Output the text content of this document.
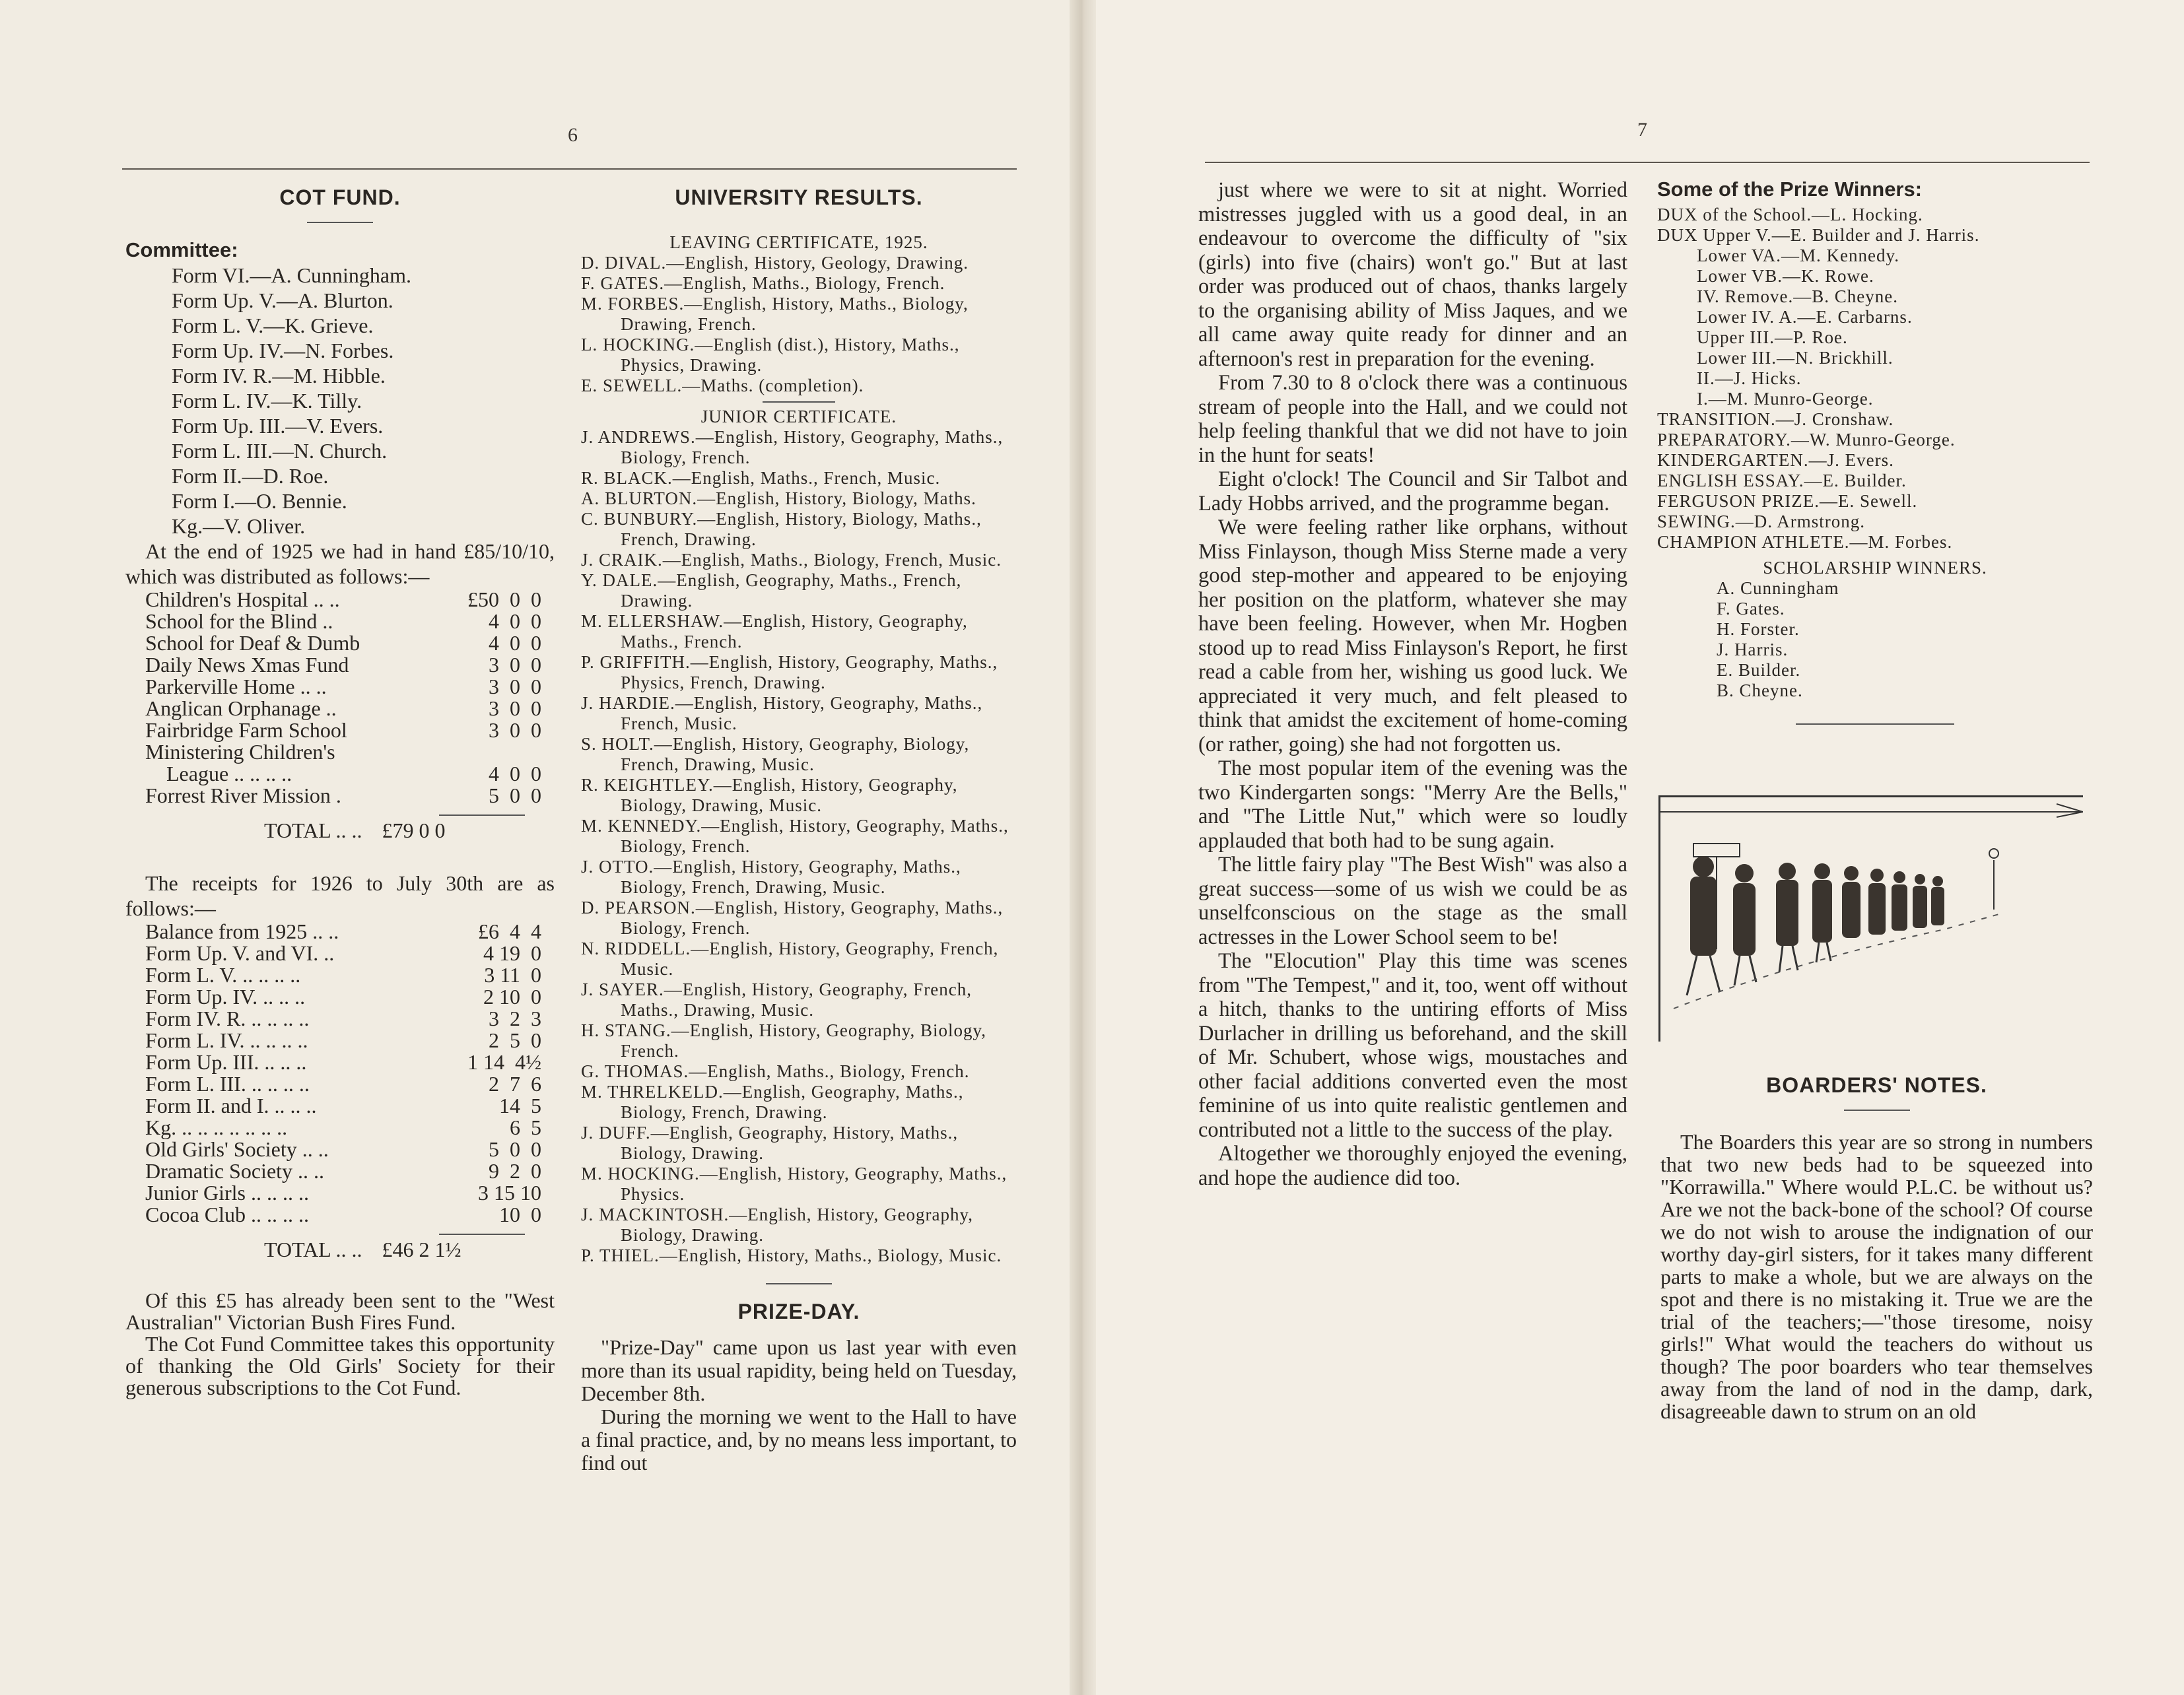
6
COT FUND.
Committee:

Form VI.—A. Cunningham.

Form Up. V.—A. Blurton.

Form L. V.—K. Grieve.

Form Up. IV.—N. Forbes.

Form IV. R.—M. Hibble.

Form L. IV.—K. Tilly.

Form Up. III.—V. Evers.

Form L. III.—N. Church.

Form II.—D. Roe.

Form I.—O. Bennie.

Kg.—V. Oliver.

At the end of 1925 we had in hand £85/10/10, which was distributed as follows:—

Children's Hospital .. ..	£50  0  0
School for the Blind ..	4  0  0
School for Deaf & Dumb	4  0  0
Daily News Xmas Fund	3  0  0
Parkerville Home .. ..	3  0  0
Anglican Orphanage ..	3  0  0
Fairbridge Farm School	3  0  0
Ministering Children's	
League .. .. .. ..	4  0  0
Forrest River Mission .	5  0  0
TOTAL .. ..	£79 0 0

The receipts for 1926 to July 30th are as follows:—

Balance from 1925 .. ..	£6  4  4
Form Up. V. and VI. ..	4 19  0
Form L. V. .. .. .. ..	3 11  0
Form Up. IV. .. .. ..	2 10  0
Form IV. R. .. .. .. ..	3  2  3
Form L. IV. .. .. .. ..	2  5  0
Form Up. III. .. .. ..	1 14  4½
Form L. III. .. .. .. ..	2  7  6
Form II. and I. .. .. ..	14  5
Kg. .. .. .. .. .. .. ..	6  5
Old Girls' Society .. ..	5  0  0
Dramatic Society .. ..	9  2  0
Junior Girls .. .. .. ..	3 15 10
Cocoa Club .. .. .. ..	10  0
TOTAL .. ..	£46 2 1½

Of this £5 has already been sent to the "West Australian" Victorian Bush Fires Fund.

The Cot Fund Committee takes this opportunity of thanking the Old Girls' Society for their generous subscriptions to the Cot Fund.

UNIVERSITY RESULTS.
LEAVING CERTIFICATE, 1925.

D. DIVAL.—English, History, Geology, Drawing.

F. GATES.—English, Maths., Biology, French.

M. FORBES.—English, History, Maths., Biology, Drawing, French.

L. HOCKING.—English (dist.), History, Maths., Physics, Drawing.

E. SEWELL.—Maths. (completion).

JUNIOR CERTIFICATE.

J. ANDREWS.—English, History, Geography, Maths., Biology, French.

R. BLACK.—English, Maths., French, Music.

A. BLURTON.—English, History, Biology, Maths.

C. BUNBURY.—English, History, Biology, Maths., French, Drawing.

J. CRAIK.—English, Maths., Biology, French, Music.

Y. DALE.—English, Geography, Maths., French, Drawing.

M. ELLERSHAW.—English, History, Geography, Maths., French.

P. GRIFFITH.—English, History, Geography, Maths., Physics, French, Drawing.

J. HARDIE.—English, History, Geography, Maths., French, Music.

S. HOLT.—English, History, Geography, Biology, French, Drawing, Music.

R. KEIGHTLEY.—English, History, Geography, Biology, Drawing, Music.

M. KENNEDY.—English, History, Geography, Maths., Biology, French.

J. OTTO.—English, History, Geography, Maths., Biology, French, Drawing, Music.

D. PEARSON.—English, History, Geography, Maths., Biology, French.

N. RIDDELL.—English, History, Geography, French, Music.

J. SAYER.—English, History, Geography, French, Maths., Drawing, Music.

H. STANG.—English, History, Geography, Biology, French.

G. THOMAS.—English, Maths., Biology, French.

M. THRELKELD.—English, Geography, Maths., Biology, French, Drawing.

J. DUFF.—English, Geography, History, Maths., Biology, Drawing.

M. HOCKING.—English, History, Geography, Maths., Physics.

J. MACKINTOSH.—English, History, Geography, Biology, Drawing.

P. THIEL.—English, History, Maths., Biology, Music.

PRIZE-DAY.

"Prize-Day" came upon us last year with even more than its usual rapidity, being held on Tuesday, December 8th.

During the morning we went to the Hall to have a final practice, and, by no means less important, to find out

7

just where we were to sit at night. Worried mistresses juggled with us a good deal, in an endeavour to overcome the difficulty of "six (girls) into five (chairs) won't go." But at last order was produced out of chaos, thanks largely to the organising ability of Miss Jaques, and we all came away quite ready for dinner and an afternoon's rest in preparation for the evening.

From 7.30 to 8 o'clock there was a continuous stream of people into the Hall, and we could not help feeling thankful that we did not have to join in the hunt for seats!

Eight o'clock! The Council and Sir Talbot and Lady Hobbs arrived, and the programme began.

We were feeling rather like orphans, without Miss Finlayson, though Miss Sterne made a very good step-mother and appeared to be enjoying her position on the platform, whatever she may have been feeling. However, when Mr. Hogben stood up to read Miss Finlayson's Report, he first read a cable from her, wishing us good luck. We appreciated it very much, and felt pleased to think that amidst the excitement of home-coming (or rather, going) she had not forgotten us.

The most popular item of the evening was the two Kindergarten songs: "Merry Are the Bells," and "The Little Nut," which were so loudly applauded that both had to be sung again.

The little fairy play "The Best Wish" was also a great success—some of us wish we could be as unselfconscious on the stage as the small actresses in the Lower School seem to be!

The "Elocution" Play this time was scenes from "The Tempest," and it, too, went off without a hitch, thanks to the untiring efforts of Miss Durlacher in drilling us beforehand, and the skill of Mr. Schubert, whose wigs, moustaches and other facial additions converted even the most feminine of us into quite realistic gentlemen and contributed not a little to the success of the play.

Altogether we thoroughly enjoyed the evening, and hope the audience did too.

Some of the Prize Winners:

DUX of the School.—L. Hocking.

DUX Upper V.—E. Builder and J. Harris.

Lower VA.—M. Kennedy.

Lower VB.—K. Rowe.

IV. Remove.—B. Cheyne.

Lower IV. A.—E. Carbarns.

Upper III.—P. Roe.

Lower III.—N. Brickhill.

II.—J. Hicks.

I.—M. Munro-George.

TRANSITION.—J. Cronshaw.

PREPARATORY.—W. Munro-George.

KINDERGARTEN.—J. Evers.

ENGLISH ESSAY.—E. Builder.

FERGUSON PRIZE.—E. Sewell.

SEWING.—D. Armstrong.

CHAMPION ATHLETE.—M. Forbes.

SCHOLARSHIP WINNERS.

A. Cunningham

F. Gates.

H. Forster.

J. Harris.

E. Builder.

B. Cheyne.

BOARDERS' NOTES.

The Boarders this year are so strong in numbers that two new beds had to be squeezed into "Korrawilla." Where would P.L.C. be without us? Are we not the back-bone of the school? Of course we do not wish to arouse the indignation of our worthy day-girl sisters, for it takes many different parts to make a whole, but we are always on the spot and there is no mistaking it. True we are the trial of the teachers;—"those tiresome, noisy girls!" What would the teachers do without us though? The poor boarders who tear themselves away from the land of nod in the damp, dark, disagreeable dawn to strum on an old
